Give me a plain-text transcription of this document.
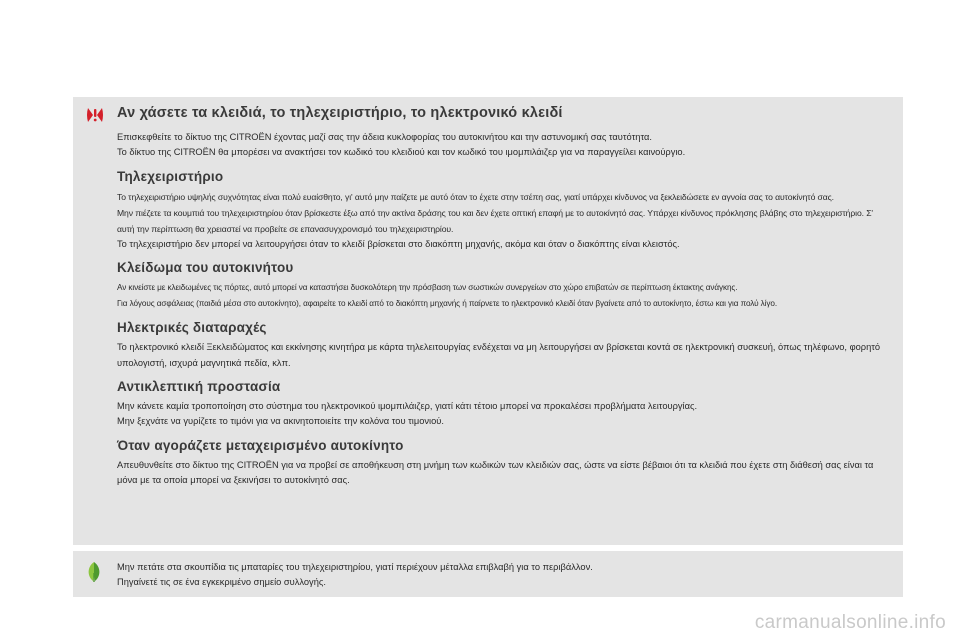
Αν χάσετε τα κλειδιά, το τηλεχειριστήριο, το ηλεκτρονικό κλειδί

Επισκεφθείτε το δίκτυο της CITROËN έχοντας μαζί σας την άδεια κυκλοφορίας του αυτοκινήτου και την αστυνομική σας ταυτότητα.

Το δίκτυο της CITROËN θα μπορέσει να ανακτήσει τον κωδικό του κλειδιού και τον κωδικό του ιμομπιλάιζερ για να παραγγείλει καινούργιο.

Τηλεχειριστήριο

Το τηλεχειριστήριο υψηλής συχνότητας είναι πολύ ευαίσθητο, γι' αυτό μην παίζετε με αυτό όταν το έχετε στην τσέπη σας, γιατί υπάρχει κίνδυνος να ξεκλειδώσετε εν αγνοία σας το αυτοκίνητό σας.

Μην πιέζετε τα κουμπιά του τηλεχειριστηρίου όταν βρίσκεστε έξω από την ακτίνα δράσης του και δεν έχετε οπτική επαφή με το αυτοκίνητό σας. Υπάρχει κίνδυνος πρόκλησης βλάβης στο τηλεχειριστήριο. Σ' αυτή την περίπτωση θα χρειαστεί να προβείτε σε επανασυγχρονισμό του τηλεχειριστηρίου.

Το τηλεχειριστήριο δεν μπορεί να λειτουργήσει όταν το κλειδί βρίσκεται στο διακόπτη μηχανής, ακόμα και όταν ο διακόπτης είναι κλειστός.

Κλείδωμα του αυτοκινήτου

Αν κινείστε με κλειδωμένες τις πόρτες, αυτό μπορεί να καταστήσει δυσκολότερη την πρόσβαση των σωστικών συνεργείων στο χώρο επιβατών σε περίπτωση έκτακτης ανάγκης.

Για λόγους ασφάλειας (παιδιά μέσα στο αυτοκίνητο), αφαιρείτε το κλειδί από το διακόπτη μηχανής ή παίρνετε το ηλεκτρονικό κλειδί όταν βγαίνετε από το αυτοκίνητο, έστω και για πολύ λίγο.

Ηλεκτρικές διαταραχές

Το ηλεκτρονικό κλειδί Ξεκλειδώματος και εκκίνησης κινητήρα με κάρτα τηλελειτουργίας ενδέχεται να μη λειτουργήσει αν βρίσκεται κοντά σε ηλεκτρονική συσκευή, όπως τηλέφωνο, φορητό υπολογιστή, ισχυρά μαγνητικά πεδία, κλπ.

Αντικλεπτική προστασία

Μην κάνετε καμία τροποποίηση στο σύστημα του ηλεκτρονικού ιμομπιλάιζερ, γιατί κάτι τέτοιο μπορεί να προκαλέσει προβλήματα λειτουργίας.

Μην ξεχνάτε να γυρίζετε το τιμόνι για να ακινητοποιείτε την κολόνα του τιμονιού.

Όταν αγοράζετε μεταχειρισμένο αυτοκίνητο

Απευθυνθείτε στο δίκτυο της CITROËN για να προβεί σε αποθήκευση στη μνήμη των κωδικών των κλειδιών σας, ώστε να είστε βέβαιοι ότι τα κλειδιά που έχετε στη διάθεσή σας είναι τα μόνα με τα οποία μπορεί να ξεκινήσει το αυτοκίνητό σας.

Μην πετάτε στα σκουπίδια τις μπαταρίες του τηλεχειριστηρίου, γιατί περιέχουν μέταλλα επιβλαβή για το περιβάλλον.

Πηγαίνετέ τις σε ένα εγκεκριμένο σημείο συλλογής.

carmanualsonline.info
